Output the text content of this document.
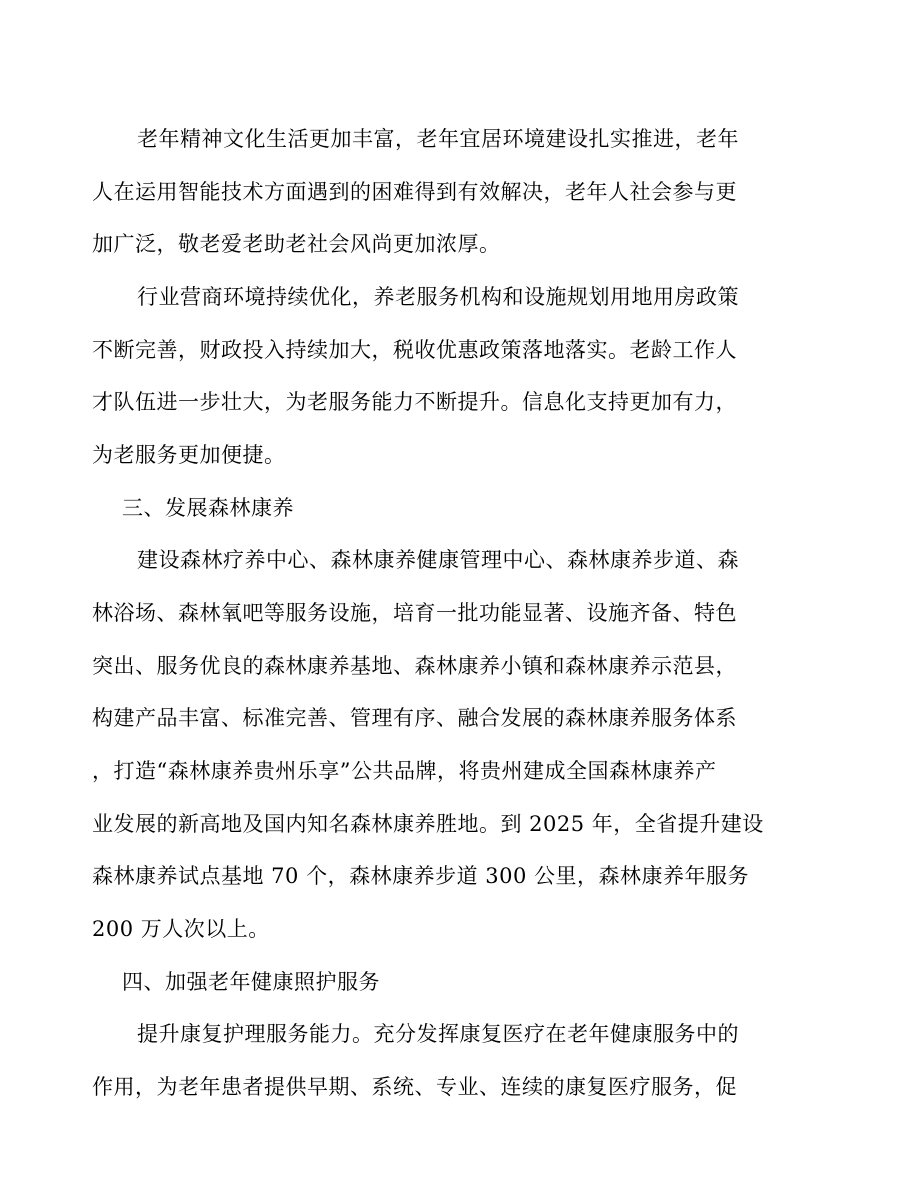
老年精神文化生活更加丰富，老年宜居环境建设扎实推进，老年
人在运用智能技术方面遇到的困难得到有效解决，老年人社会参与更
加广泛，敬老爱老助老社会风尚更加浓厚。
行业营商环境持续优化，养老服务机构和设施规划用地用房政策
不断完善，财政投入持续加大，税收优惠政策落地落实。老龄工作人
才队伍进一步壮大，为老服务能力不断提升。信息化支持更加有力，
为老服务更加便捷。
三、发展森林康养
建设森林疗养中心、森林康养健康管理中心、森林康养步道、森
林浴场、森林氧吧等服务设施，培育一批功能显著、设施齐备、特色
突出、服务优良的森林康养基地、森林康养小镇和森林康养示范县，
构建产品丰富、标准完善、管理有序、融合发展的森林康养服务体系
，打造“森林康养贵州乐享”公共品牌，将贵州建成全国森林康养产
业发展的新高地及国内知名森林康养胜地。到 2025 年，全省提升建设
森林康养试点基地 70 个，森林康养步道 300 公里，森林康养年服务
200 万人次以上。
四、加强老年健康照护服务
提升康复护理服务能力。充分发挥康复医疗在老年健康服务中的
作用，为老年患者提供早期、系统、专业、连续的康复医疗服务，促
